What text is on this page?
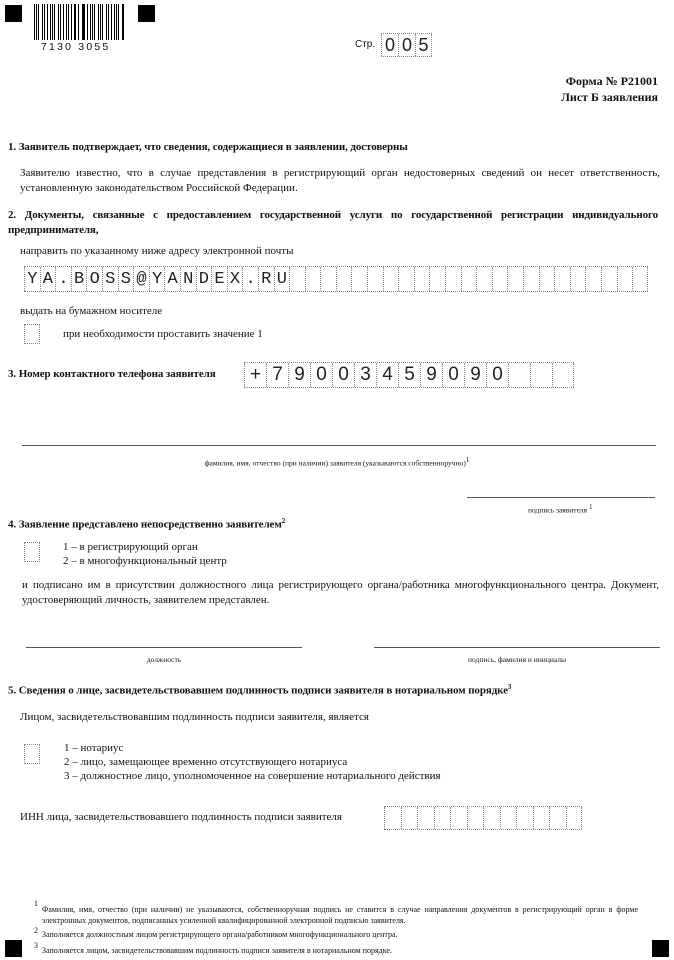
7130 3055	Стр. 0 0 5
Форма № Р21001
Лист Б заявления
1. Заявитель подтверждает, что сведения, содержащиеся в заявлении, достоверны
Заявителю известно, что в случае представления в регистрирующий орган недостоверных сведений он несет ответственность, установленную законодательством Российской Федерации.
2. Документы, связанные с предоставлением государственной услуги по государственной регистрации индивидуального предпринимателя,
направить по указанному ниже адресу электронной почты
Y A . B O S S @ Y A N D E X . R U
выдать на бумажном носителе
при необходимости проставить значение 1
3. Номер контактного телефона заявителя	+ 7 9 0 0 3 4 5 9 0 9 0
фамилия, имя, отчество (при наличии) заявителя (указываются собственноручно)$^1$
подпись заявителя $^1$
4. Заявление представлено непосредственно заявителем$^2$
1 – в регистрирующий орган
2 – в многофункциональный центр
и подписано им в присутствии должностного лица регистрирующего органа/работника многофункционального центра. Документ, удостоверяющий личность, заявителем представлен.
должность	подпись, фамилия и инициалы
5. Сведения о лице, засвидетельствовавшем подлинность подписи заявителя в нотариальном порядке$^3$
Лицом, засвидетельствовавшим подлинность подписи заявителя, является
1 – нотариус
2 – лицо, замещающее временно отсутствующего нотариуса
3 – должностное лицо, уполномоченное на совершение нотариального действия
ИНН лица, засвидетельствовавшего подлинность подписи заявителя
1
Фамилия, имя, отчество (при наличии) не указываются, собственноручная подпись не ставится в случае направления документов в регистрирующий орган в форме электронных документов, подписанных усиленной квалифицированной электронной подписью заявителя.
2 Заполняется должностным лицом регистрирующего органа/работником многофункционального центра.
3
Заполняется лицом, засвидетельствовавшим подлинность подписи заявителя в нотариальном порядке.
